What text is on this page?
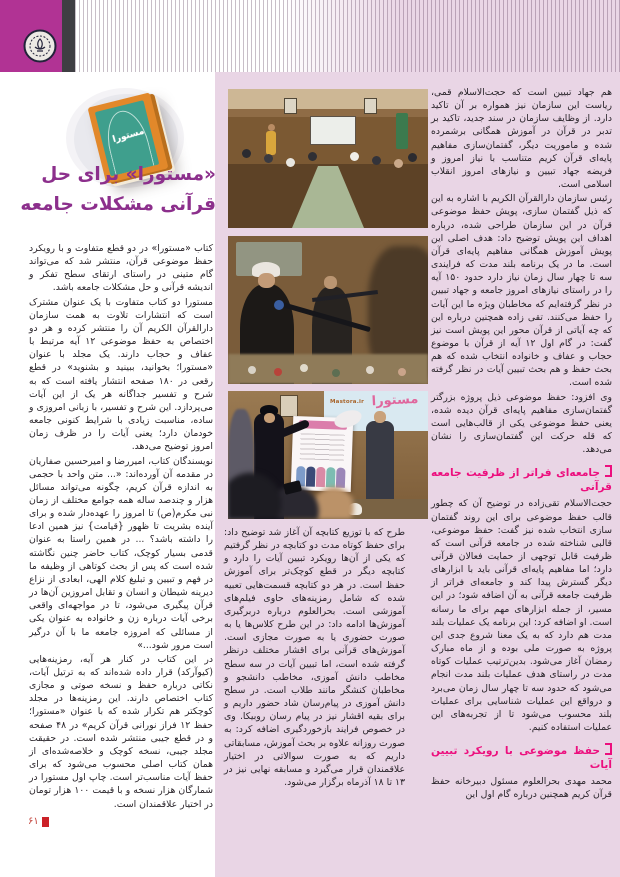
مستورا
«مستورا» برای حل
قرآنی مشکلات جامعه
مستورا
Mastora.ir

هم جهاد تبیین است که حجت‌الاسلام قمی، ریاست این سازمان نیز همواره بر آن تاکید دارد. از وظایف سازمان در سند جدید، تاکید بر تدبر در قرآن در آموزش همگانی برشمرده شده و ماموریت دیگر، گفتمان‌سازی مفاهیم پایه‌ای قرآن کریم متناسب با نیاز امروز و فریضه جهاد تبیین و نیازهای امروز انقلاب اسلامی است.

رئیس سازمان دارالقرآن الکریم با اشاره به این که ذیل گفتمان سازی، پویش حفظ موضوعی قرآن در این سازمان طراحی شده، درباره اهداف این پویش توضیح داد: هدف اصلی این پویش آموزش همگانی مفاهیم پایه‌ای قرآن است. ما در یک برنامه بلند مدت که فرایندی سه تا چهار سال زمان نیاز دارد حدود ۱۵۰ آیه را در راستای نیازهای امروز جامعه و جهاد تبیین در نظر گرفته‌ایم که مخاطبان ویژه ما این آیات را حفظ می‌کنند. تقی زاده همچنین درباره این که چه آیاتی از قرآن محور این پویش است نیز گفت: در گام اول ۱۲ آیه از قرآن با موضوع حجاب و عفاف و خانواده انتخاب شده که هم بحث حفظ و هم بحث تبیین آیات در نظر گرفته شده است.

وی افزود: حفظ موضوعی ذیل پروژه بزرگتر گفتمان‌سازی مفاهیم پایه‌ای قرآن دیده شده، یعنی حفظ موضوعی یکی از قالب‌هایی است که قله حرکت این گفتمان‌سازی را نشان می‌دهد.

جامعه‌ای فراتر از ظرفیت جامعه قرآنی

حجت‌الاسلام تقی‌زاده در توضیح آن که چطور قالب حفظ موضوعی برای این روند گفتمان سازی انتخاب شده نیز گفت: حفظ موضوعی، قالبی شناخته شده در جامعه قرآنی است که ظرفیت قابل توجهی از حمایت فعالان قرآنی دارد؛ اما مفاهیم پایه‌ای قرآنی باید با ابزارهای دیگر گسترش پیدا کند و جامعه‌ای فراتر از ظرفیت جامعه قرآنی به آن اضافه شود؛ در این مسیر، از جمله ابزارهای مهم برای ما رسانه است. او اضافه کرد: این برنامه یک عملیات بلند مدت هم دارد که به یک معنا شروع جدی این پروژه به صورت ملی بوده و از ماه مبارک رمضان آغاز می‌شود. بدین‌ترتیب عملیات کوتاه مدت در راستای هدف عملیات بلند مدت انجام می‌شود که حدود سه تا چهار سال زمان می‌برد و درواقع این عملیات شناسایی برای عملیات بلند محسوب می‌شود تا از تجربه‌های این عملیات استفاده کنیم.

حفظ موضوعی با رویکرد تبیین آیات

محمد مهدی بحرالعلوم مسئول دبیرخانه حفظ قرآن کریم همچنین درباره گام اول این

طرح که با توزیع کتابچه آن آغاز شد توضیح داد: برای حفظ کوتاه مدت دو کتابچه در نظر گرفتیم که یکی از آن‌ها رویکرد تبیین آیات را دارد و کتابچه دیگر در قطع کوچک‌تر برای آموزش حفظ است. در هر دو کتابچه قسمت‌هایی تعبیه شده که شامل رمزینه‌های حاوی فیلم‌های آموزشی است. بحرالعلوم درباره دربرگیری آموزش‌ها ادامه داد: در این طرح کلاس‌ها یا به صورت حضوری یا به صورت مجازی است. آموزش‌های قرآنی برای اقشار مختلف درنظر گرفته شده است، اما تبیین آیات در سه سطح مخاطب دانش آموزی، مخاطب دانشجو و مخاطبان کنشگر مانند طلاب است. در سطح دانش آموزی در پیام‌رسان شاد حضور داریم و برای بقیه اقشار نیز در پیام رسان روبیکا. وی در خصوص فرایند بازخوردگیری اضافه کرد: به صورت روزانه علاوه بر بحث آموزش، مسابقاتی داریم که به صورت سوالاتی در اختیار علاقمندان قرار می‌گیرد و مسابقه نهایی نیز در ۱۳ تا ۱۸ آذرماه برگزار می‌شود.

کتاب «مستورا» در دو قطع متفاوت و با رویکرد حفظ موضوعی قرآن، منتشر شد که می‌تواند گام متینی در راستای ارتقای سطح تفکر و اندیشه قرآنی و حل مشکلات جامعه باشد.

مستورا دو کتاب متفاوت با یک عنوان مشترک است که انتشارات تلاوت به همت سازمان دارالقرآن الکریم آن را منتشر کرده و هر دو اختصاص به حفظ موضوعی ۱۲ آیه مرتبط با عفاف و حجاب دارند. یک مجلد با عنوان «مستورا؛ بخوانید، ببینید و بشنوید» در قطع رقعی در ۱۸۰ صفحه انتشار یافته است که به شرح و تفسیر جداگانه هر یک از این آیات می‌پردازد. این شرح و تفسیر، با زبانی امروزی و ساده، مناسبت زیادی با شرایط کنونی جامعه خودمان دارد؛ یعنی آیات را در ظرف زمان امروز توضیح می‌دهد.

نویسندگان کتاب، امیررضا و امیرحسین صفاریان در مقدمه آن آورده‌اند: «... متن واحد با حجمی به اندازه قرآن کریم، چگونه می‌تواند مسائل هزار و چندصد ساله همه جوامع مختلف از زمان نبی مکرم(ص) تا امروز را عهده‌دار شده و برای آینده بشریت تا ظهور {قیامت} نیز همین ادعا را داشته باشد؟ ... در همین راستا به عنوان قدمی بسیار کوچک، کتاب حاضر چنین نگاشته شده است که پس از بحث کوتاهی از وظیفه ما در فهم و تبیین و تبلیغ کلام الهی، ابعادی از نزاع دیرینه شیطان و انسان و تقابل امروزین آن‌ها در قرآن پیگیری می‌شود، تا در مواجهه‌ای واقعی برخی آیات درباره زن و خانواده به عنوان یکی از مسائلی که امروزه جامعه ما با آن درگیر است مرور شود...»

در این کتاب در کنار هر آیه، رمزینه‌هایی (کیوآرکد) قرار داده شده‌اند که به ترتیل آیات، نکاتی درباره حفظ و نسخه صوتی و مجازی کتاب اختصاص دارند. این رمزینه‌ها در مجلد کوچکتر هم تکرار شده که با عنوان «مستورا؛ حفظ ۱۲ فراز نورانی قرآن کریم» در ۴۸ صفحه و در قطع جیبی منتشر شده است. در حقیقت مجلد جیبی، نسخه کوچک و خلاصه‌شده‌ای از همان کتاب اصلی محسوب می‌شود که برای حفظ آیات مناسب‌تر است. چاپ اول مستورا در شمارگان هزار نسخه و با قیمت ۱۰۰ هزار تومان در اختیار علاقمندان است.

۶۱
